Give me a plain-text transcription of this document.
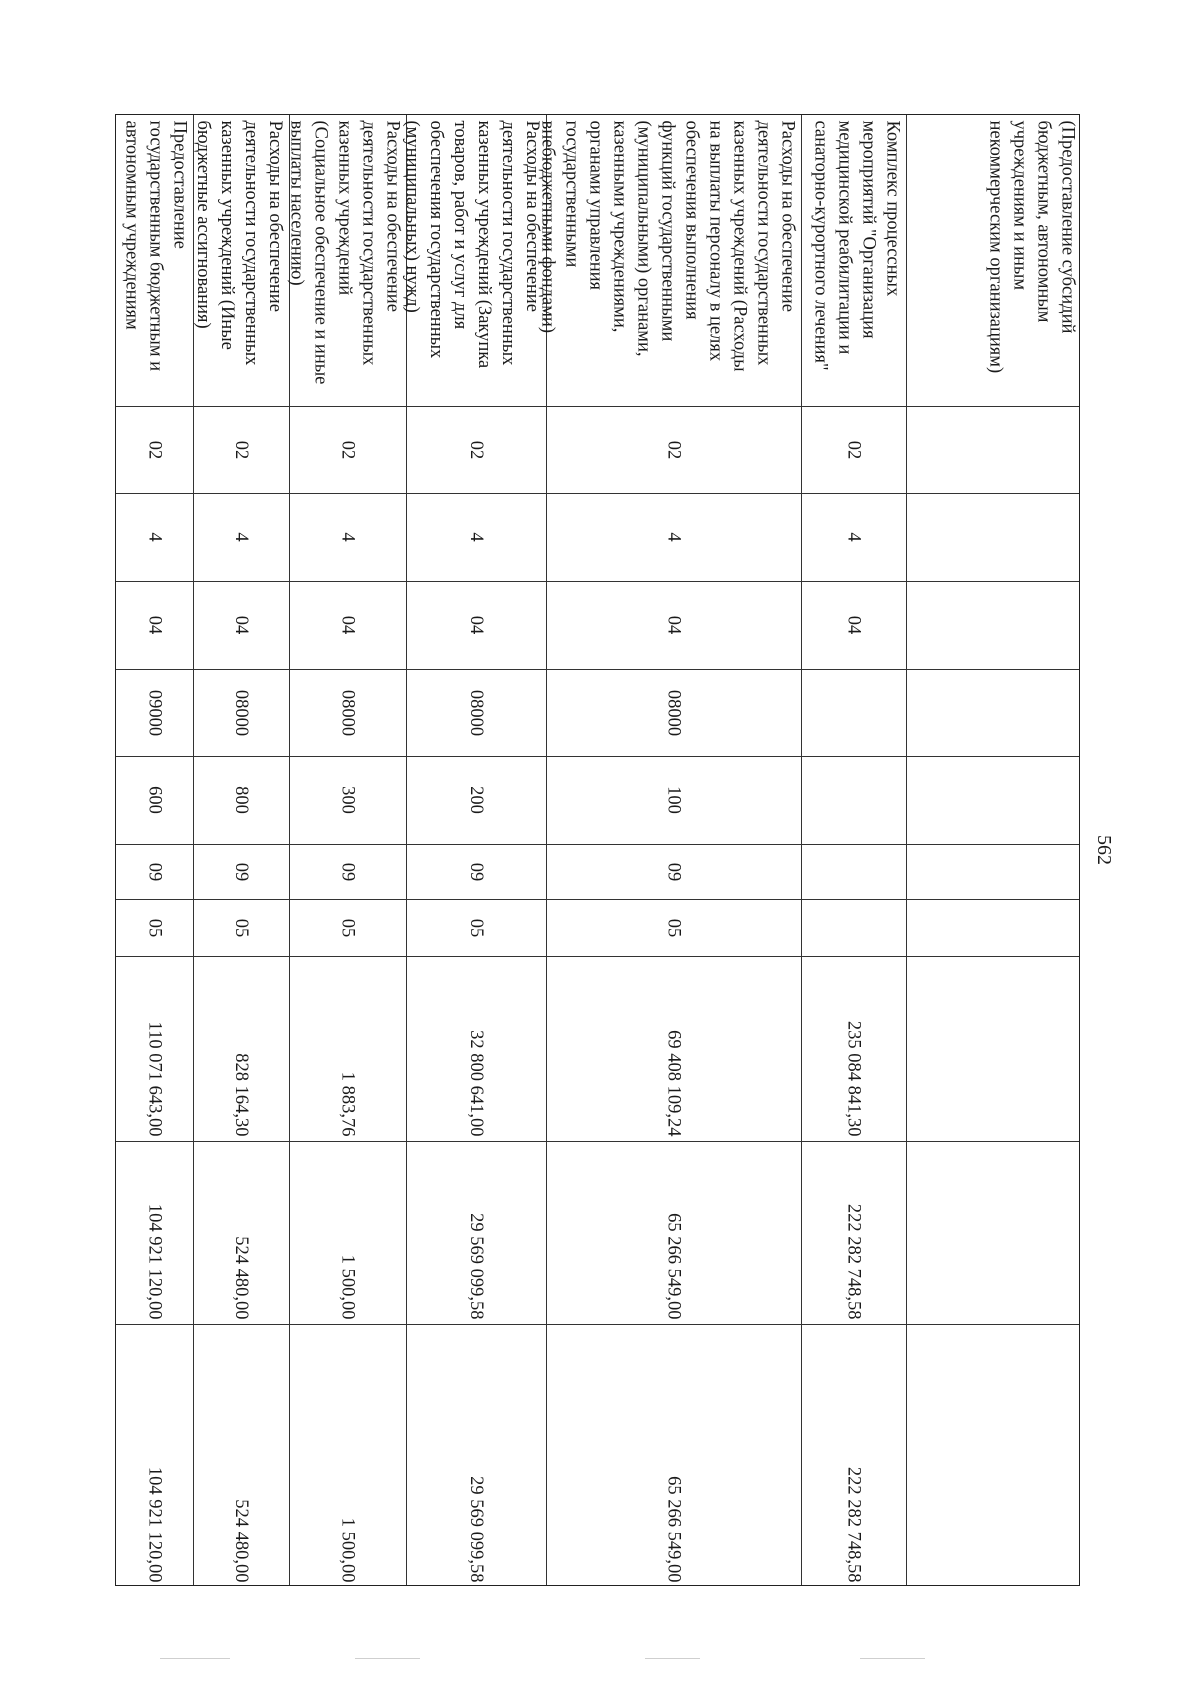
562
(Предоставление субсидий
бюджетным, автономным
учреждениям и иным
некоммерческим организациям)
Комплекс процессных
мероприятий "Организация
медицинской реабилитации и
санаторно-курортного лечения"
02
4
04
235 084 841,30
222 282 748,58
222 282 748,58
Расходы на обеспечение
деятельности государственных
казенных учреждений (Расходы
на выплаты персоналу в целях
обеспечения выполнения
функций государственными
(муниципальными) органами,
казенными учреждениями,
органами управления
государственными
внебюджетными фондами)
02
4
04
08000
100
09
05
69 408 109,24
65 266 549,00
65 266 549,00
Расходы на обеспечение
деятельности государственных
казенных учреждений (Закупка
товаров, работ и услуг для
обеспечения государственных
(муниципальных) нужд)
02
4
04
08000
200
09
05
32 800 641,00
29 569 099,58
29 569 099,58
Расходы на обеспечение
деятельности государственных
казенных учреждений
(Социальное обеспечение и иные
выплаты населению)
02
4
04
08000
300
09
05
1 883,76
1 500,00
1 500,00
Расходы на обеспечение
деятельности государственных
казенных учреждений (Иные
бюджетные ассигнования)
02
4
04
08000
800
09
05
828 164,30
524 480,00
524 480,00
Предоставление
государственным бюджетным и
автономным учреждениям
02
4
04
09000
600
09
05
110 071 643,00
104 921 120,00
104 921 120,00
